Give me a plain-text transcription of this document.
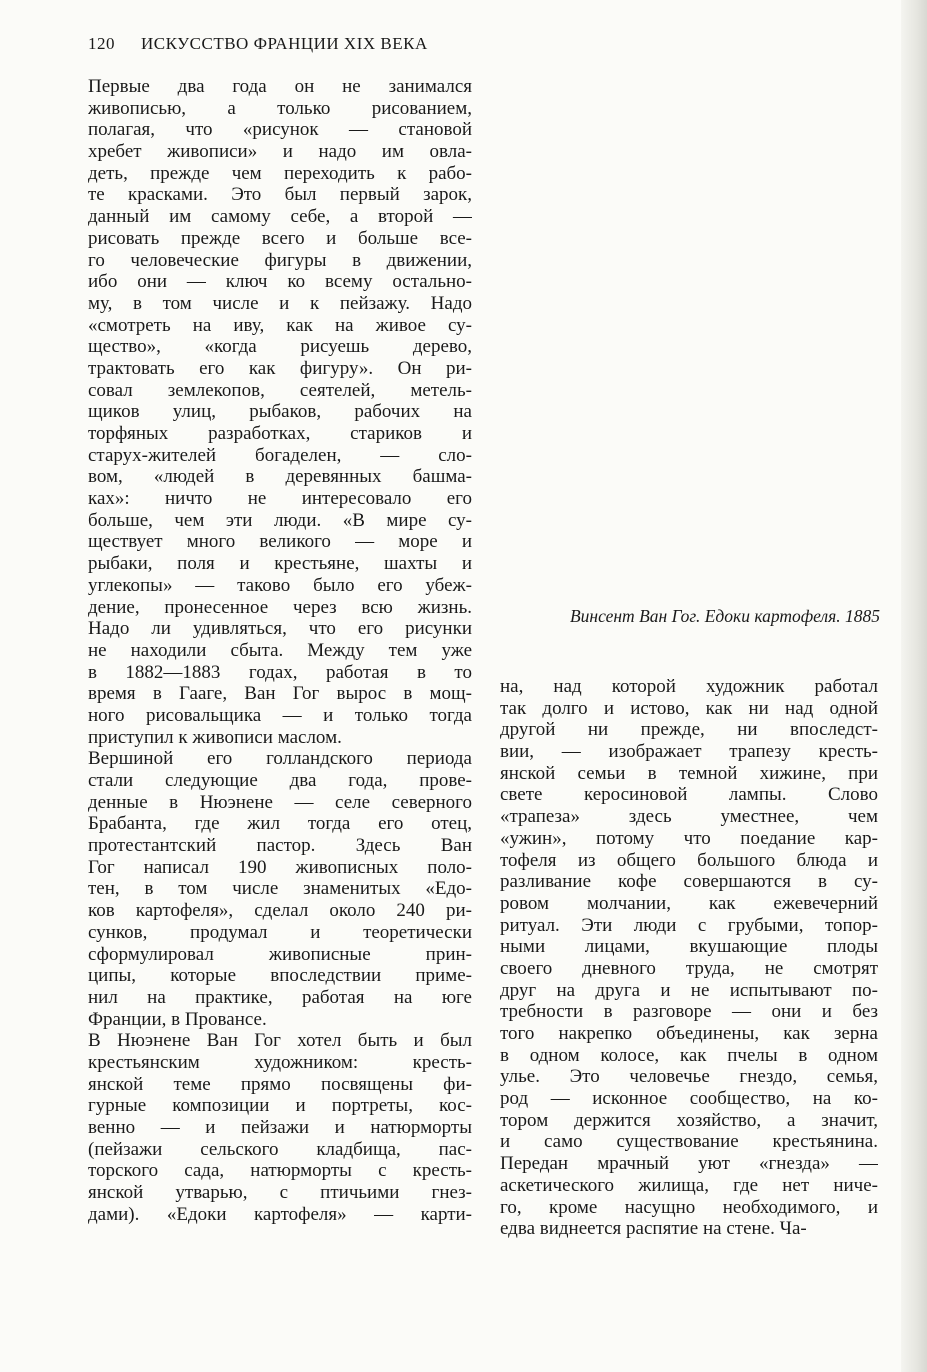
120 ИСКУССТВО ФРАНЦИИ XIX ВЕКА
Первые два года он не занимался
живописью, а только рисованием,
полагая, что «рисунок — становой
хребет живописи» и надо им овла-
деть, прежде чем переходить к рабо-
те красками. Это был первый зарок,
данный им самому себе, а второй —
рисовать прежде всего и больше все-
го человеческие фигуры в движении,
ибо они — ключ ко всему остально-
му, в том числе и к пейзажу. Надо
«смотреть на иву, как на живое су-
щество», «когда рисуешь дерево,
трактовать его как фигуру». Он ри-
совал землекопов, сеятелей, метель-
щиков улиц, рыбаков, рабочих на
торфяных разработках, стариков и
старух-жителей богаделен, — сло-
вом, «людей в деревянных башма-
ках»: ничто не интересовало его
больше, чем эти люди. «В мире су-
ществует много великого — море и
рыбаки, поля и крестьяне, шахты и
углекопы» — таково было его убеж-
дение, пронесенное через всю жизнь.
Надо ли удивляться, что его рисунки
не находили сбыта. Между тем уже
в 1882—1883 годах, работая в то
время в Гааге, Ван Гог вырос в мощ-
ного рисовальщика — и только тогда
приступил к живописи маслом.
Вершиной его голландского периода
стали следующие два года, прове-
денные в Нюэнене — селе северного
Брабанта, где жил тогда его отец,
протестантский пастор. Здесь Ван
Гог написал 190 живописных поло-
тен, в том числе знаменитых «Едо-
ков картофеля», сделал около 240 ри-
сунков, продумал и теоретически
сформулировал живописные прин-
ципы, которые впоследствии приме-
нил на практике, работая на юге
Франции, в Провансе.
В Нюэнене Ван Гог хотел быть и был
крестьянским художником: кресть-
янской теме прямо посвящены фи-
гурные композиции и портреты, кос-
венно — и пейзажи и натюрморты
(пейзажи сельского кладбища, пас-
торского сада, натюрморты с кресть-
янской утварью, с птичьими гнез-
дами). «Едоки картофеля» — карти-
Винсент Ван Гог. Едоки картофеля. 1885
на, над которой художник работал
так долго и истово, как ни над одной
другой ни прежде, ни впоследст-
вии, — изображает трапезу кресть-
янской семьи в темной хижине, при
свете керосиновой лампы. Слово
«трапеза» здесь уместнее, чем
«ужин», потому что поедание кар-
тофеля из общего большого блюда и
разливание кофе совершаются в су-
ровом молчании, как ежевечерний
ритуал. Эти люди с грубыми, топор-
ными лицами, вкушающие плоды
своего дневного труда, не смотрят
друг на друга и не испытывают по-
требности в разговоре — они и без
того накрепко объединены, как зерна
в одном колосе, как пчелы в одном
улье. Это человечье гнездо, семья,
род — исконное сообщество, на ко-
тором держится хозяйство, а значит,
и само существование крестьянина.
Передан мрачный уют «гнезда» —
аскетического жилища, где нет ниче-
го, кроме насущно необходимого, и
едва виднеется распятие на стене. Ча-
